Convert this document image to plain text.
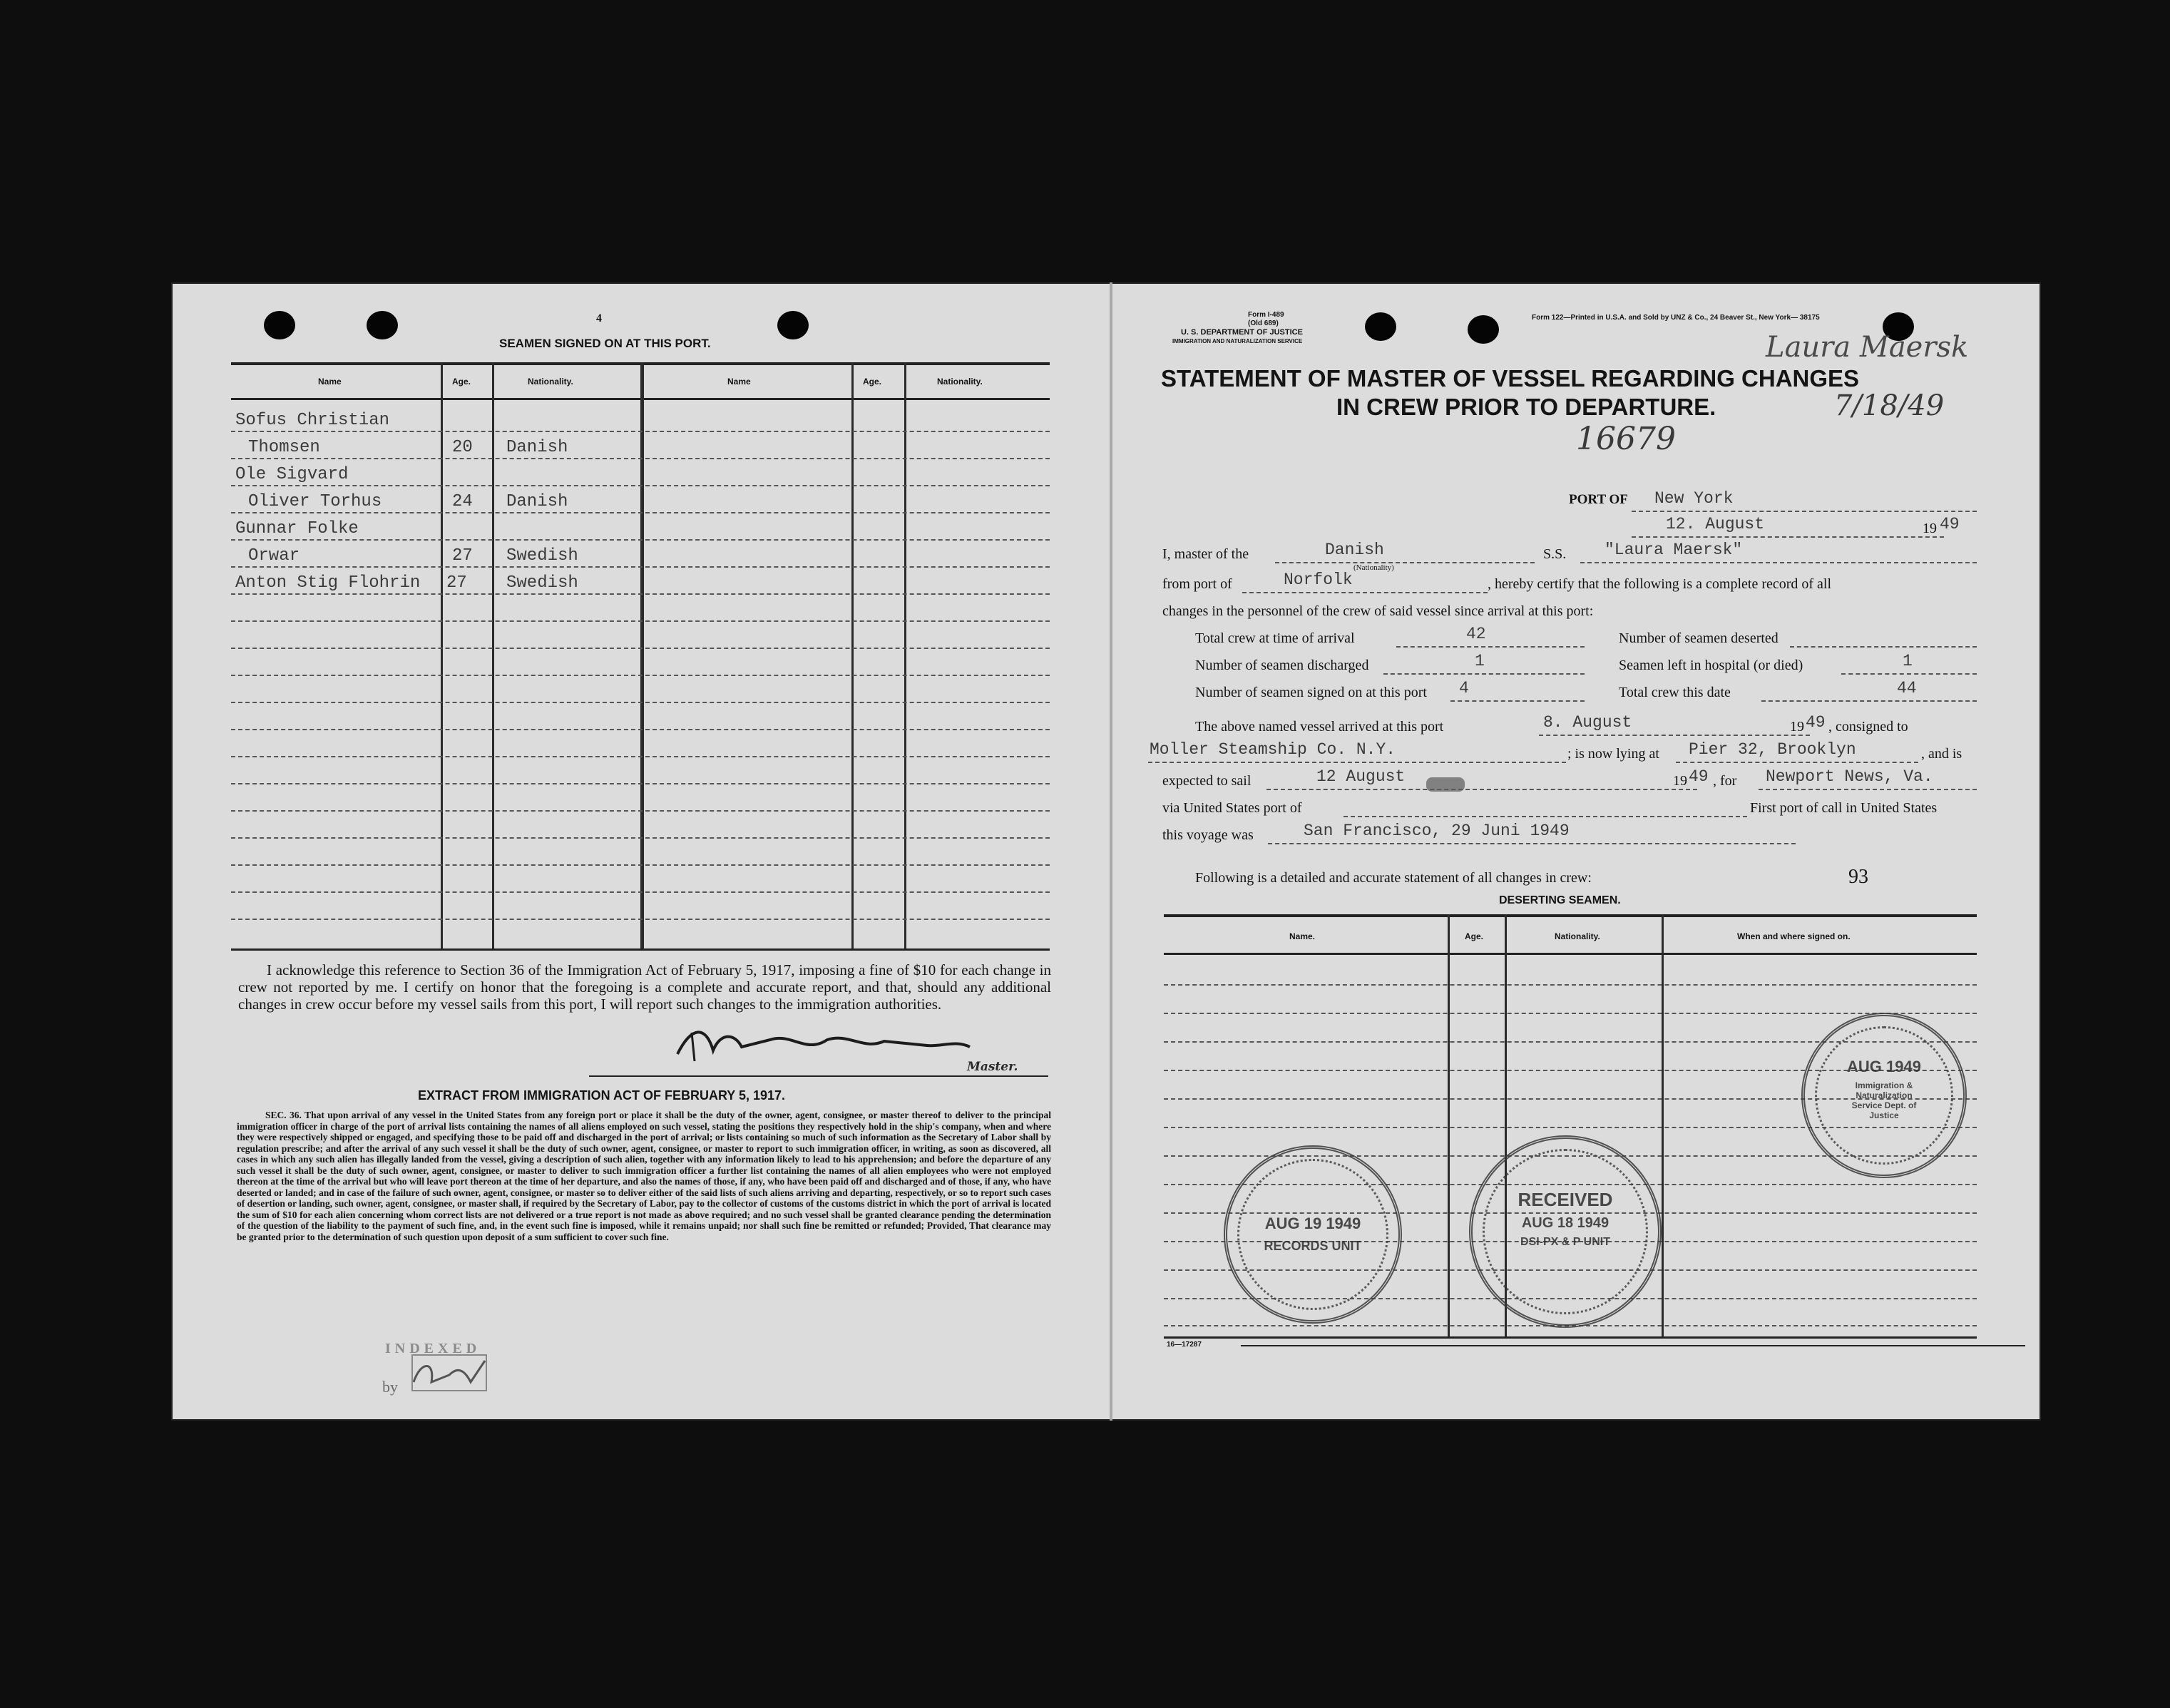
4
SEAMEN SIGNED ON AT THIS PORT.
Name	Age.	Nationality.	Name	Age.	Nationality.
Sofus Christian
Thomsen	20 Danish
Ole Sigvard
Oliver Torhus	24 Danish
Gunnar Folke
Orwar	27 Swedish
Anton Stig Flohrin 27 Swedish
I acknowledge this reference to Section 36 of the Immigration Act of February 5, 1917, imposing a fine of $10 for each change in crew not reported by me. I certify on honor that the foregoing is a complete and accurate report, and that, should any additional changes in crew occur before my vessel sails from this port, I will report such changes to the immigration authorities.
Master.
EXTRACT FROM IMMIGRATION ACT OF FEBRUARY 5, 1917.
SEC. 36. That upon arrival of any vessel in the United States from any foreign port or place it shall be the duty of the owner, agent, consignee, or master thereof to deliver to the principal immigration officer in charge of the port of arrival lists containing the names of all aliens employed on such vessel, stating the positions they respectively hold in the ship's company, when and where they were respectively shipped or engaged, and specifying those to be paid off and discharged in the port of arrival; or lists containing so much of such information as the Secretary of Labor shall by regulation prescribe; and after the arrival of any such vessel it shall be the duty of such owner, agent, consignee, or master to report to such immigration officer, in writing, as soon as discovered, all cases in which any such alien has illegally landed from the vessel, giving a description of such alien, together with any information likely to lead to his apprehension; and before the departure of any such vessel it shall be the duty of such owner, agent, consignee, or master to deliver to such immigration officer a further list containing the names of all alien employees who were not employed thereon at the time of the arrival but who will leave port thereon at the time of her departure, and also the names of those, if any, who have been paid off and discharged and of those, if any, who have deserted or landed; and in case of the failure of such owner, agent, consignee, or master so to deliver either of the said lists of such aliens arriving and departing, respectively, or so to report such cases of desertion or landing, such owner, agent, consignee, or master shall, if required by the Secretary of Labor, pay to the collector of customs of the customs district in which the port of arrival is located the sum of $10 for each alien concerning whom correct lists are not delivered or a true report is not made as above required; and no such vessel shall be granted clearance pending the determination of the question of the liability to the payment of such fine, and, in the event such fine is imposed, while it remains unpaid; nor shall such fine be remitted or refunded; Provided, That clearance may be granted prior to the determination of such question upon deposit of a sum sufficient to cover such fine.
INDEXED
by
Form I-489
(Old 689)
U. S. DEPARTMENT OF JUSTICE
IMMIGRATION AND NATURALIZATION SERVICE
Form 122—Printed in U.S.A. and Sold by UNZ & Co., 24 Beaver St., New York— 38175
Laura Maersk
7/18/49
16679
STATEMENT OF MASTER OF VESSEL REGARDING CHANGES
IN CREW PRIOR TO DEPARTURE.
PORT OF New York
12. August	19 49
I, master of the	Danish
(Nationality)
S.S. "Laura Maersk"
from port of	Norfolk	, hereby certify that the following is a complete record of all
changes in the personnel of the crew of said vessel since arrival at this port:
Total crew at time of arrival	42	Number of seamen deserted
Number of seamen discharged	1	Seamen left in hospital (or died)	1
Number of seamen signed on at this port 4	Total crew this date	44
The above named vessel arrived at this port	8. August	19 49 , consigned to
Moller Steamship Co. N.Y.	; is now lying at Pier 32, Brooklyn	, and is
expected to sail	12 August	19 49 , for Newport News, Va.
via United States port of	First port of call in United States
this voyage was	San Francisco, 29 Juni 1949
Following is a detailed and accurate statement of all changes in crew:	93
DESERTING SEAMEN.
Name.	Age.	Nationality.	When and where signed on.
16—17287
AUG 19 1949
RECORDS UNIT
RECEIVED
AUG 18 1949
DSI-PX & P UNIT
AUG 1949
Immigration & Naturalization Service Dept. of Justice
